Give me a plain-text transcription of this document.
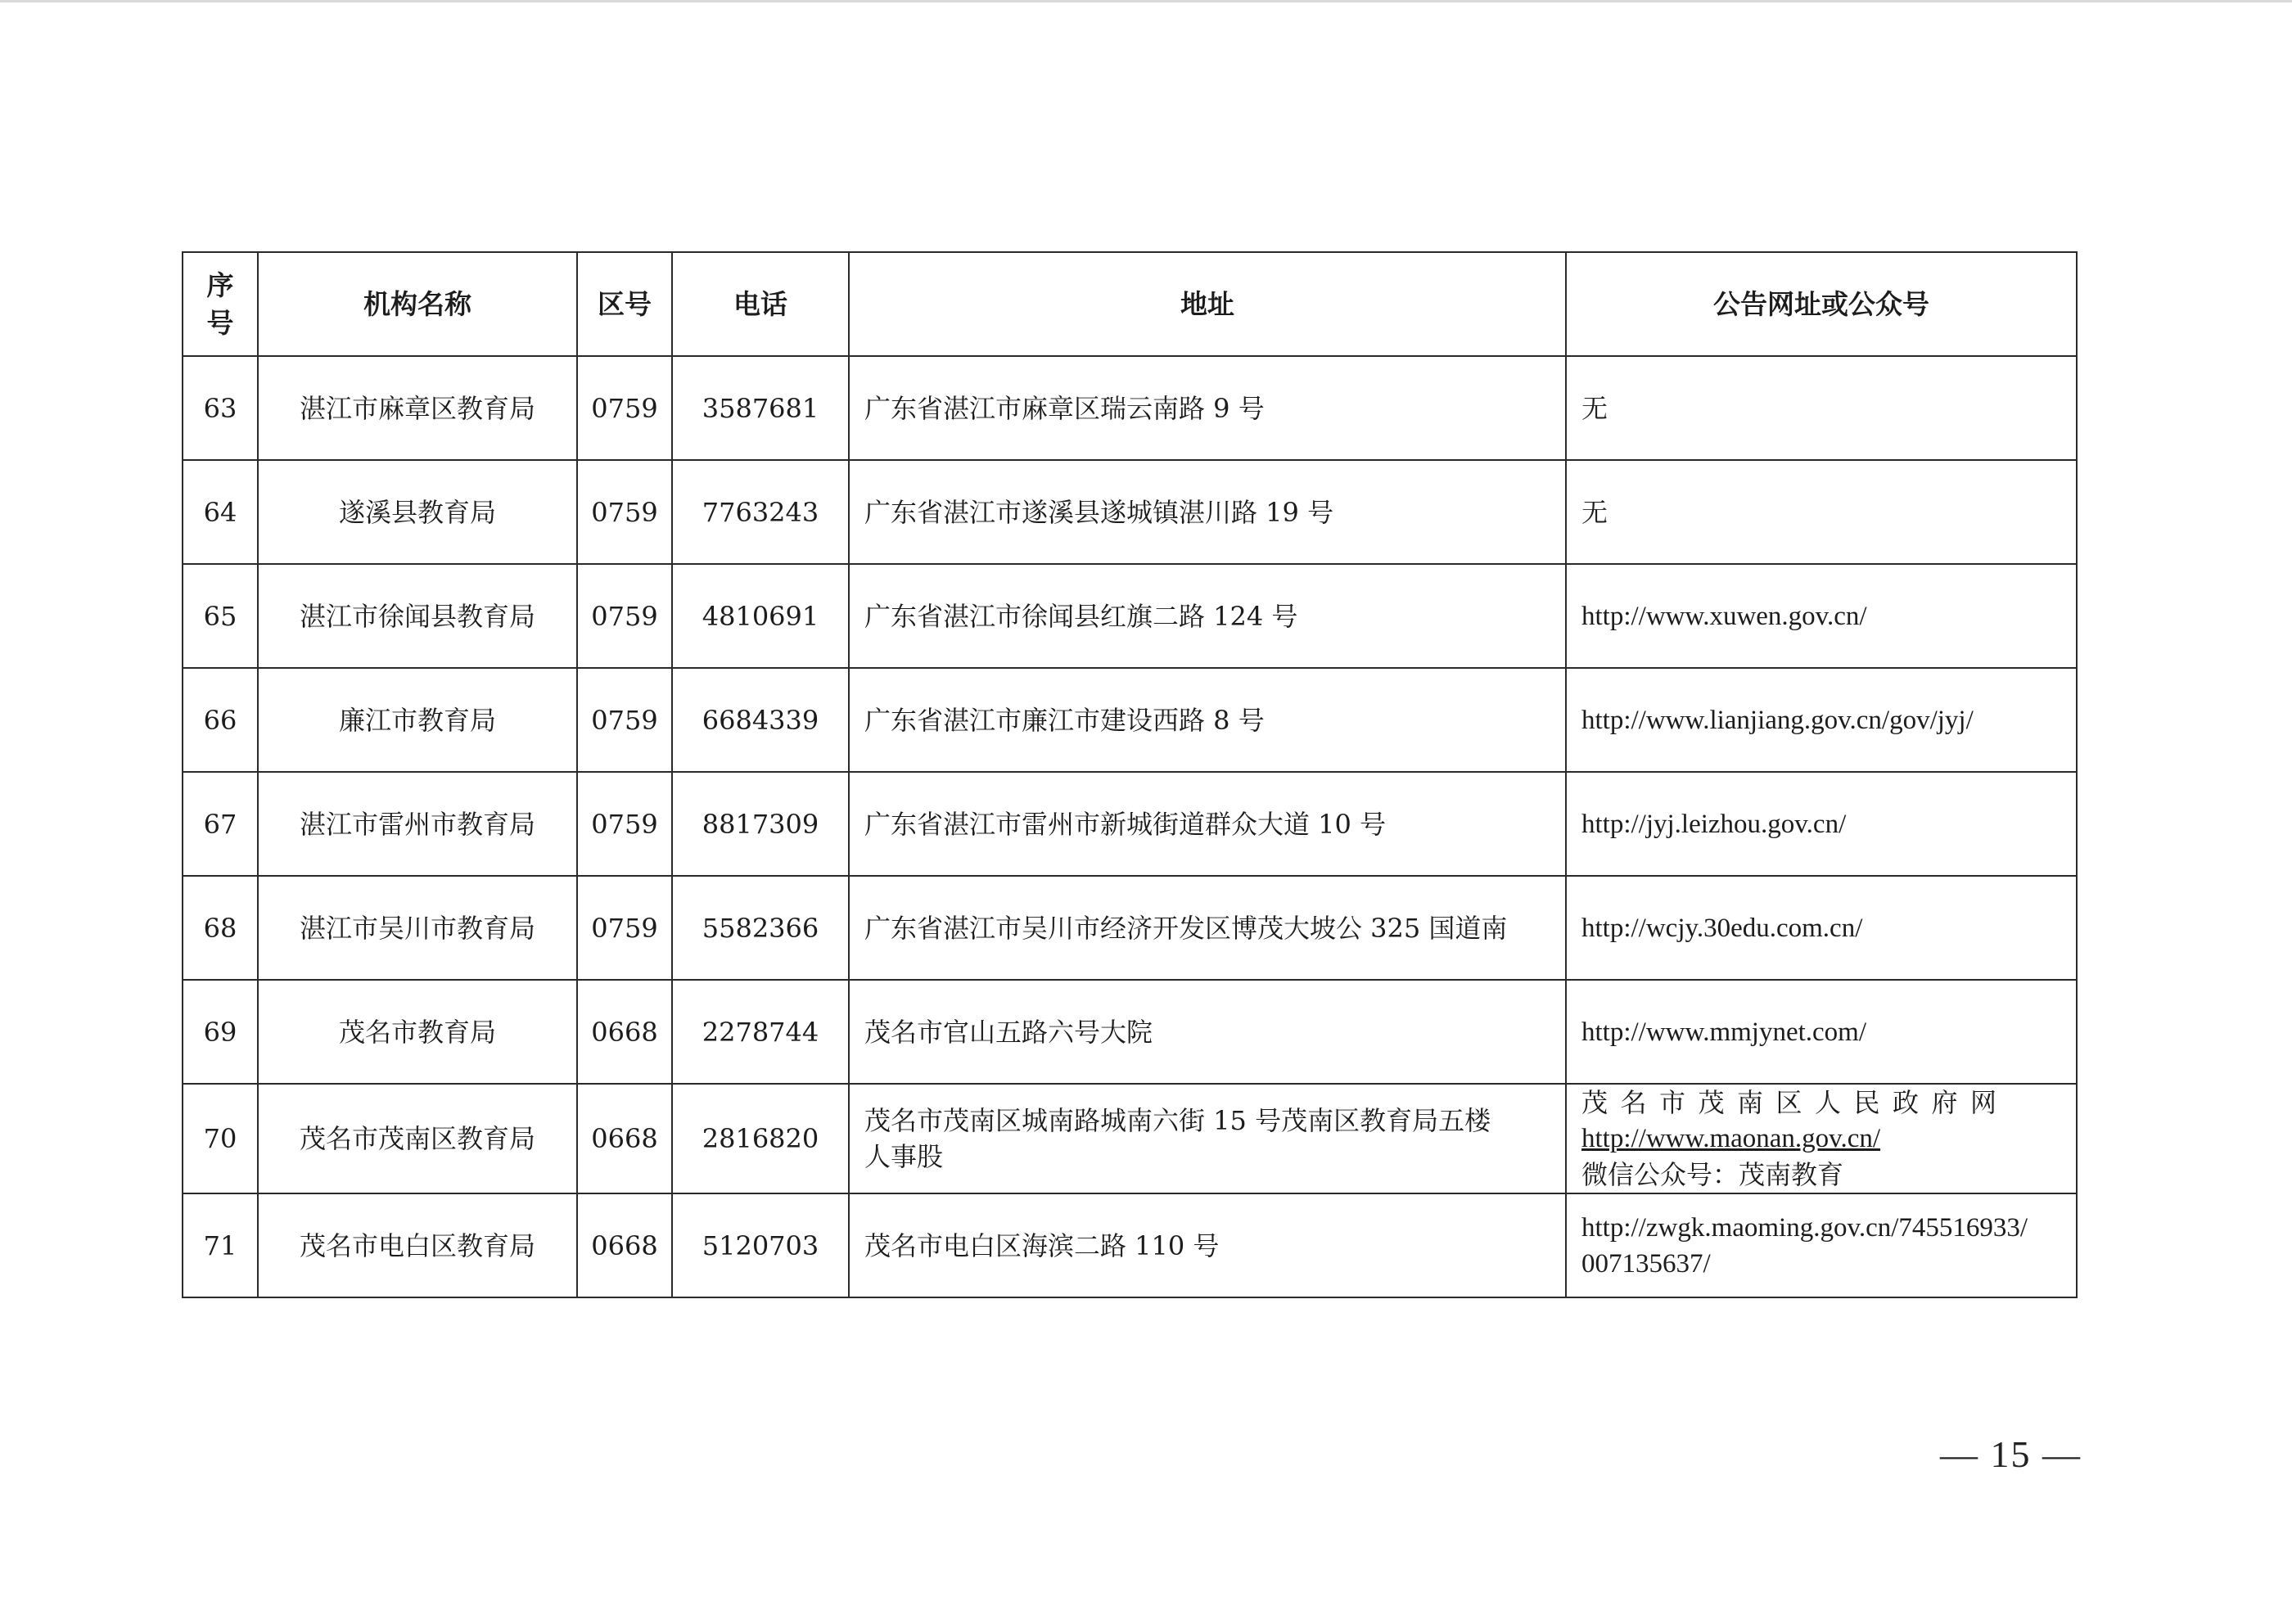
序
号	机构名称	区号	电话	地址	公告网址或公众号
63	湛江市麻章区教育局	0759	3587681	广东省湛江市麻章区瑞云南路 9 号	无

64	遂溪县教育局	0759	7763243	广东省湛江市遂溪县遂城镇湛川路 19 号	无

65	湛江市徐闻县教育局	0759	4810691	广东省湛江市徐闻县红旗二路 124 号	http://www.xuwen.gov.cn/

66	廉江市教育局	0759	6684339	广东省湛江市廉江市建设西路 8 号	http://www.lianjiang.gov.cn/gov/jyj/

67	湛江市雷州市教育局	0759	8817309	广东省湛江市雷州市新城街道群众大道 10 号	http://jyj.leizhou.gov.cn/

68	湛江市吴川市教育局	0759	5582366	广东省湛江市吴川市经济开发区博茂大坡公 325 国道南	http://wcjy.30edu.com.cn/

69	茂名市教育局	0668	2278744	茂名市官山五路六号大院	http://www.mmjynet.com/

70	茂名市茂南区教育局	0668	2816820	茂名市茂南区城南路城南六街 15 号茂南区教育局五楼
人事股	茂名市茂南区人民政府网
http://www.maonan.gov.cn/
微信公众号：茂南教育

71	茂名市电白区教育局	0668	5120703	茂名市电白区海滨二路 110 号	http://zwgk.maoming.gov.cn/745516933/
007135637/
— 15 —
